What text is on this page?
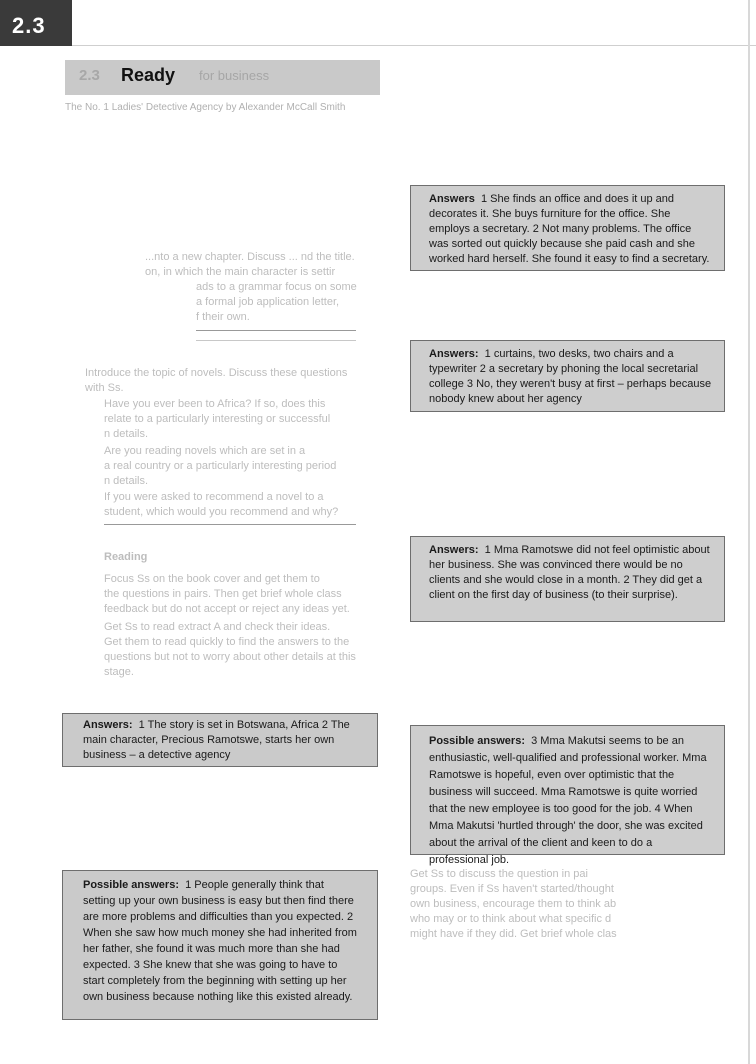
2.3
2.3 Ready for business
The No. 1 Ladies' Detective Agency by Alexander McCall Smith
...nto a new chapter. Discuss ... nd the title.
on, in which the main character is settir
ads to a grammar focus on some
a formal job application letter,
f their own.
Introduce the topic of novels. Discuss these questions
with Ss.
Have you ever been to Africa? If so, does this
relate to a particularly interesting or successful
n details.
Are you reading novels which are set in a
a real country or a particularly interesting period
n details.
If you were asked to recommend a novel to a
student, which would you recommend and why?
Reading
Focus Ss on the book cover and get them to
the questions in pairs. Then get brief whole class
feedback but do not accept or reject any ideas yet.
Get Ss to read extract A and check their ideas.
Get them to read quickly to find the answers to the
questions but not to worry about other details at this
stage.
Get Ss to discuss the question in pai
groups. Even if Ss haven't started/thought
own business, encourage them to think ab
who may or to think about what specific d
might have if they did. Get brief whole clas

Answers 1 She finds an office and does it up and decorates it. She buys furniture for the office. She employs a secretary. 2 Not many problems. The office was sorted out quickly because she paid cash and she worked hard herself. She found it easy to find a secretary.

Answers: 1 curtains, two desks, two chairs and a typewriter 2 a secretary by phoning the local secretarial college 3 No, they weren't busy at first – perhaps because nobody knew about her agency

Answers: 1 Mma Ramotswe did not feel optimistic about her business. She was convinced there would be no clients and she would close in a month. 2 They did get a client on the first day of business (to their surprise).

Answers: 1 The story is set in Botswana, Africa 2 The main character, Precious Ramotswe, starts her own business – a detective agency

Possible answers: 3 Mma Makutsi seems to be an enthusiastic, well-qualified and professional worker. Mma Ramotswe is hopeful, even over optimistic that the business will succeed. Mma Ramotswe is quite worried that the new employee is too good for the job. 4 When Mma Makutsi 'hurtled through' the door, she was excited about the arrival of the client and keen to do a professional job.

Possible answers: 1 People generally think that setting up your own business is easy but then find there are more problems and difficulties than you expected. 2 When she saw how much money she had inherited from her father, she found it was much more than she had expected. 3 She knew that she was going to have to start completely from the beginning with setting up her own business because nothing like this existed already.
